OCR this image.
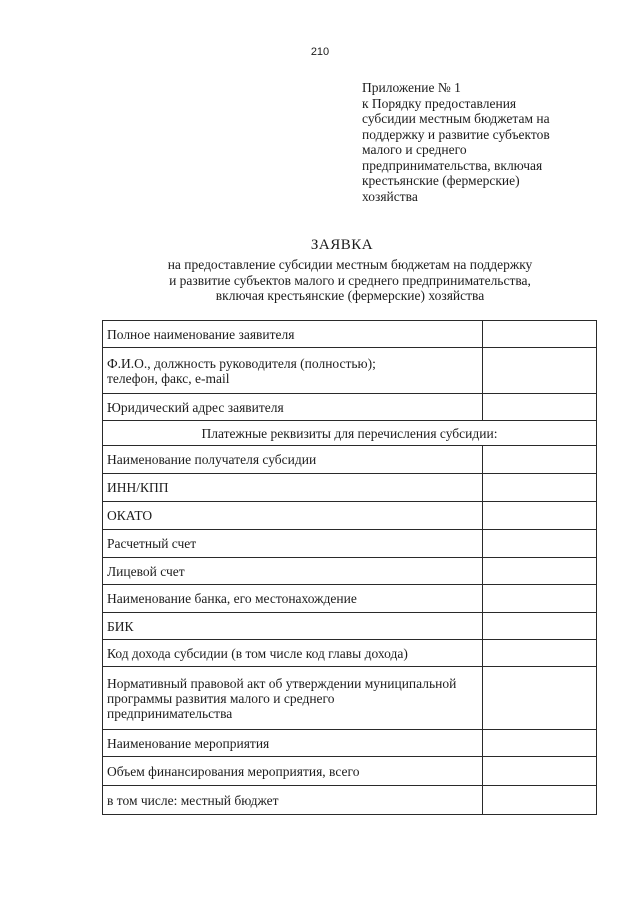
210
Приложение № 1
к Порядку предоставления
субсидии местным бюджетам на
поддержку и развитие субъектов
малого и среднего
предпринимательства, включая
крестьянские (фермерские)
хозяйства
ЗАЯВКА
на предоставление субсидии местным бюджетам на поддержку
и развитие субъектов малого и среднего предпринимательства,
включая крестьянские (фермерские) хозяйства
Полное наименование заявителя	

Ф.И.О., должность руководителя (полностью);
телефон, факс, e-mail	

Юридический адрес заявителя	

Платежные реквизиты для перечисления субсидии:	

Наименование получателя субсидии	

ИНН/КПП	

ОКАТО	

Расчетный счет	

Лицевой счет	

Наименование банка, его местонахождение	

БИК	

Код дохода субсидии (в том числе код главы дохода)	

Нормативный правовой акт об утверждении муниципальной
программы развития малого и среднего
предпринимательства	

Наименование мероприятия	

Объем финансирования мероприятия, всего	

в том числе: местный бюджет	
